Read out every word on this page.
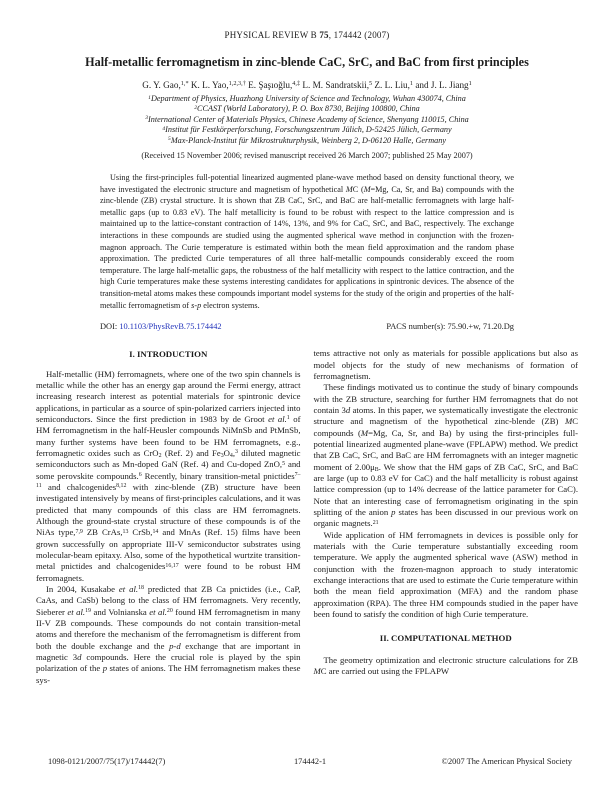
PHYSICAL REVIEW B 75, 174442 (2007)
Half-metallic ferromagnetism in zinc-blende CaC, SrC, and BaC from first principles
G. Y. Gao,$^{1,*}$ K. L. Yao,$^{1,2,3,\dagger}$ E. Şaşıoğlu,$^{4,\ddagger}$ L. M. Sandratskii,$^5$ Z. L. Liu,$^1$ and J. L. Jiang$^1$
$^1$Department of Physics, Huazhong University of Science and Technology, Wuhan 430074, China
$^2$CCAST (World Laboratory), P. O. Box 8730, Beijing 100800, China
$^3$International Center of Materials Physics, Chinese Academy of Science, Shenyang 110015, China
$^4$Institut für Festkörperforschung, Forschungszentrum Jülich, D-52425 Jülich, Germany
$^5$Max-Planck-Institut für Mikrostrukturphysik, Weinberg 2, D-06120 Halle, Germany
(Received 15 November 2006; revised manuscript received 26 March 2007; published 25 May 2007)
Using the first-principles full-potential linearized augmented plane-wave method based on density functional theory, we have investigated the electronic structure and magnetism of hypothetical MC (M=Mg, Ca, Sr, and Ba) compounds with the zinc-blende (ZB) crystal structure. It is shown that ZB CaC, SrC, and BaC are half-metallic ferromagnets with large half-metallic gaps (up to 0.83 eV). The half metallicity is found to be robust with respect to the lattice compression and is maintained up to the lattice-constant contraction of 14%, 13%, and 9% for CaC, SrC, and BaC, respectively. The exchange interactions in these compounds are studied using the augmented spherical wave method in conjunction with the frozen-magnon approach. The Curie temperature is estimated within both the mean field approximation and the random phase approximation. The predicted Curie temperatures of all three half-metallic compounds considerably exceed the room temperature. The large half-metallic gaps, the robustness of the half metallicity with respect to the lattice contraction, and the high Curie temperatures make these systems interesting candidates for applications in spintronic devices. The absence of the transition-metal atoms makes these compounds important model systems for the study of the origin and properties of the half-metallic ferromagnetism of s-p electron systems.
DOI: 10.1103/PhysRevB.75.174442	PACS number(s): 75.90.+w, 71.20.Dg
I. INTRODUCTION

Half-metallic (HM) ferromagnets, where one of the two spin channels is metallic while the other has an energy gap around the Fermi energy, attract increasing research interest as potential materials for spintronic device applications, in particular as a source of spin-polarized carriers injected into semiconductors. Since the first prediction in 1983 by de Groot et al.$^1$ of HM ferromagnetism in the half-Heusler compounds NiMnSb and PtMnSb, many further systems have been found to be HM ferromagnets, e.g., ferromagnetic oxides such as CrO$_2$ (Ref. 2) and $Fe_3O_4,^3$ diluted magnetic semiconductors such as Mn-doped GaN (Ref. 4) and Cu-doped ZnO,$^5$ and some perovskite compounds.$^6$ Recently, binary transition-metal pnictides$^{7-11}$ and chalcogenides$^{8,12}$ with zinc-blende (ZB) structure have been investigated intensively by means of first-principles calculations, and it was predicted that many compounds of this class are HM ferromagnets. Although the ground-state crystal structure of these compounds is of the NiAs type,$^{7,9}$ ZB CrAs,$^{13}$ CrSb,$^{14}$ and MnAs (Ref. 15) films have been grown successfully on appropriate III-V semiconductor substrates using molecular-beam epitaxy. Also, some of the hypothetical wurtzite transition-metal pnictides and chalcogenides$^{16,17}$ were found to be robust HM ferromagnets.

In 2004, Kusakabe et al.$^{18}$ predicted that ZB Ca pnictides (i.e., CaP, CaAs, and CaSb) belong to the class of HM ferromagnets. Very recently, Sieberer et al.$^{19}$ and Volnianska et al.$^{20}$ found HM ferromagnetism in many II-V ZB compounds. These compounds do not contain transition-metal atoms and therefore the mechanism of the ferromagnetism is different from both the double exchange and the p-d exchange that are important in magnetic 3d compounds. Here the crucial role is played by the spin polarization of the p states of anions. The HM ferromagnetism makes these sys-

tems attractive not only as materials for possible applications but also as model objects for the study of new mechanisms of formation of ferromagnetism.

These findings motivated us to continue the study of binary compounds with the ZB structure, searching for further HM ferromagnets that do not contain 3d atoms. In this paper, we systematically investigate the electronic structure and magnetism of the hypothetical zinc-blende (ZB) MC compounds (M=Mg, Ca, Sr, and Ba) by using the first-principles full-potential linearized augmented plane-wave (FPLAPW) method. We predict that ZB CaC, SrC, and BaC are HM ferromagnets with an integer magnetic moment of $2.00\mu_B$. We show that the HM gaps of ZB CaC, SrC, and BaC are large (up to 0.83 eV for CaC) and the half metallicity is robust against lattice compression (up to 14% decrease of the lattice parameter for CaC). Note that an interesting case of ferromagnetism originating in the spin splitting of the anion p states has been discussed in our previous work on organic magnets.$^{21}$

Wide application of HM ferromagnets in devices is possible only for materials with the Curie temperature substantially exceeding room temperature. We apply the augmented spherical wave (ASW) method in conjunction with the frozen-magnon approach to study interatomic exchange interactions that are used to estimate the Curie temperature within both the mean field approximation (MFA) and the random phase approximation (RPA). The three HM compounds studied in the paper have been found to satisfy the condition of high Curie temperature.

II. COMPUTATIONAL METHOD

The geometry optimization and electronic structure calculations for ZB MC are carried out using the FPLAPW

1098-0121/2007/75(17)/174442(7)	174442-1	©2007 The American Physical Society
